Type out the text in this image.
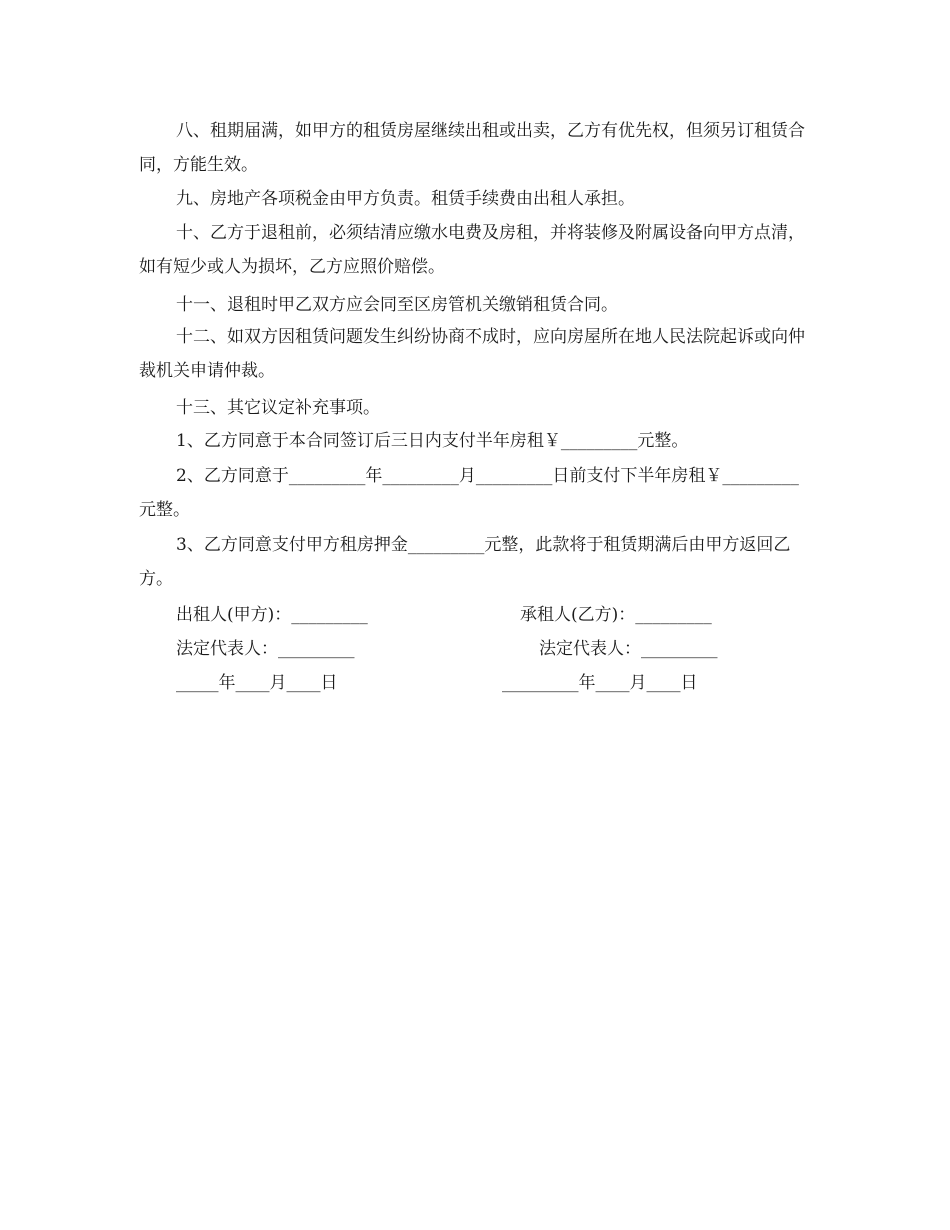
八、租期届满，如甲方的租赁房屋继续出租或出卖，乙方有优先权，但须另订租赁合同，方能生效。

九、房地产各项税金由甲方负责。租赁手续费由出租人承担。

十、乙方于退租前，必须结清应缴水电费及房租，并将装修及附属设备向甲方点清，如有短少或人为损坏，乙方应照价赔偿。

十一、退租时甲乙双方应会同至区房管机关缴销租赁合同。

十二、如双方因租赁问题发生纠纷协商不成时，应向房屋所在地人民法院起诉或向仲裁机关申请仲裁。

十三、其它议定补充事项。

1、乙方同意于本合同签订后三日内支付半年房租￥_________元整。

2、乙方同意于_________年_________月_________日前支付下半年房租￥_________元整。

3、乙方同意支付甲方租房押金_________元整，此款将于租赁期满后由甲方返回乙方。

出租人(甲方)：_________	承租人(乙方)：_________

法定代表人：_________	法定代表人：_________

_____年____月____日	_________年____月____日
